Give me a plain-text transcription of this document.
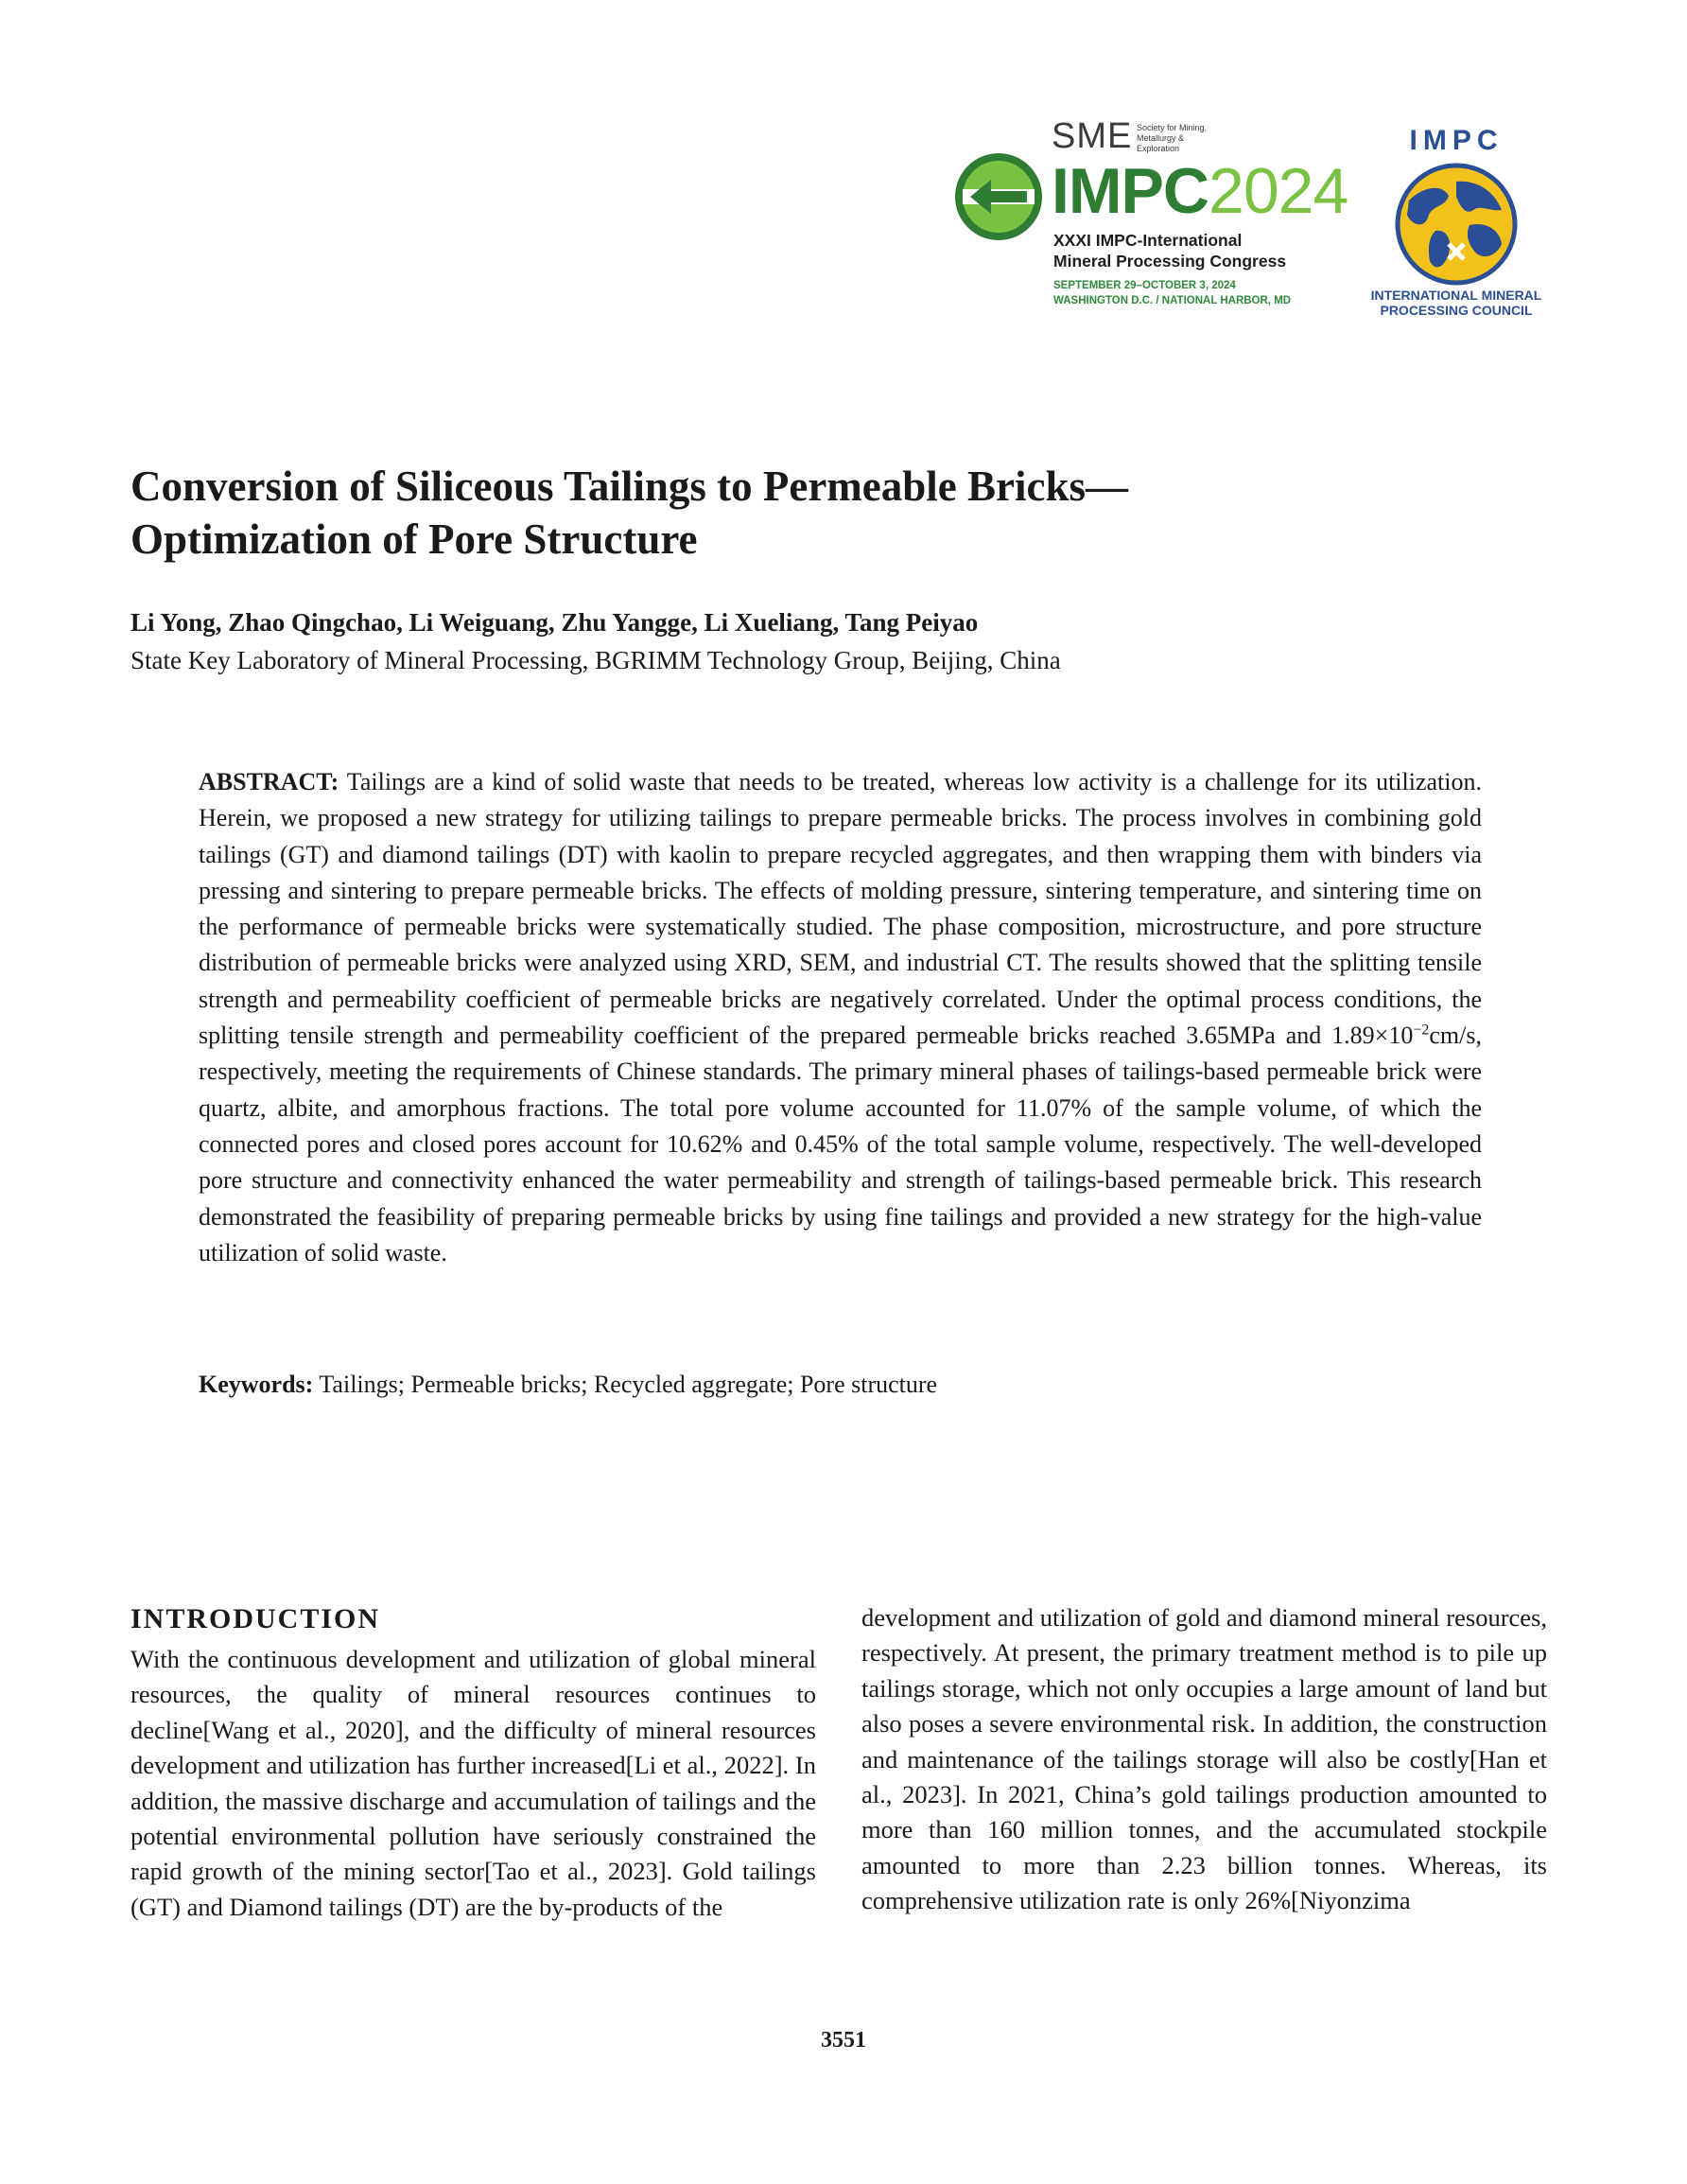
SME Society for Mining, Metallurgy & Exploration
IMPC2024
XXXI IMPC-International
Mineral Processing Congress
SEPTEMBER 29–OCTOBER 3, 2024
WASHINGTON D.C. / NATIONAL HARBOR, MD
IMPC
INTERNATIONAL MINERAL
PROCESSING COUNCIL
Conversion of Siliceous Tailings to Permeable Bricks—
Optimization of Pore Structure
Li Yong, Zhao Qingchao, Li Weiguang, Zhu Yangge, Li Xueliang, Tang Peiyao
State Key Laboratory of Mineral Processing, BGRIMM Technology Group, Beijing, China

ABSTRACT: Tailings are a kind of solid waste that needs to be treated, whereas low activity is a challenge for its utilization. Herein, we proposed a new strategy for utilizing tailings to prepare permeable bricks. The process involves in combining gold tailings (GT) and diamond tailings (DT) with kaolin to prepare recycled aggregates, and then wrapping them with binders via pressing and sintering to prepare permeable bricks. The effects of molding pressure, sintering temperature, and sintering time on the performance of permeable bricks were systematically studied. The phase composition, microstructure, and pore structure distribution of permeable bricks were analyzed using XRD, SEM, and industrial CT. The results showed that the splitting tensile strength and permeability coefficient of permeable bricks are negatively correlated. Under the optimal process conditions, the splitting tensile strength and permeability coefficient of the prepared permeable bricks reached 3.65MPa and $1.89\times 10^{-2}cm/s$, respectively, meeting the requirements of Chinese standards. The primary mineral phases of tailings-based permeable brick were quartz, albite, and amorphous fractions. The total pore volume accounted for 11.07% of the sample volume, of which the connected pores and closed pores account for 10.62% and 0.45% of the total sample volume, respectively. The well-developed pore structure and connectivity enhanced the water permeability and strength of tailings-based permeable brick. This research demonstrated the feasibility of preparing permeable bricks by using fine tailings and provided a new strategy for the high-value utilization of solid waste.

Keywords: Tailings; Permeable bricks; Recycled aggregate; Pore structure
INTRODUCTION

With the continuous development and utilization of global mineral resources, the quality of mineral resources continues to decline[Wang et al., 2020], and the difficulty of mineral resources development and utilization has further increased[Li et al., 2022]. In addition, the massive discharge and accumulation of tailings and the potential environmental pollution have seriously constrained the rapid growth of the mining sector[Tao et al., 2023]. Gold tailings (GT) and Diamond tailings (DT) are the by-products of the

development and utilization of gold and diamond mineral resources, respectively. At present, the primary treatment method is to pile up tailings storage, which not only occupies a large amount of land but also poses a severe environmental risk. In addition, the construction and maintenance of the tailings storage will also be costly[Han et al., 2023]. In 2021, China’s gold tailings production amounted to more than 160 million tonnes, and the accumulated stockpile amounted to more than 2.23 billion tonnes. Whereas, its comprehensive utilization rate is only 26%[Niyonzima

3551
